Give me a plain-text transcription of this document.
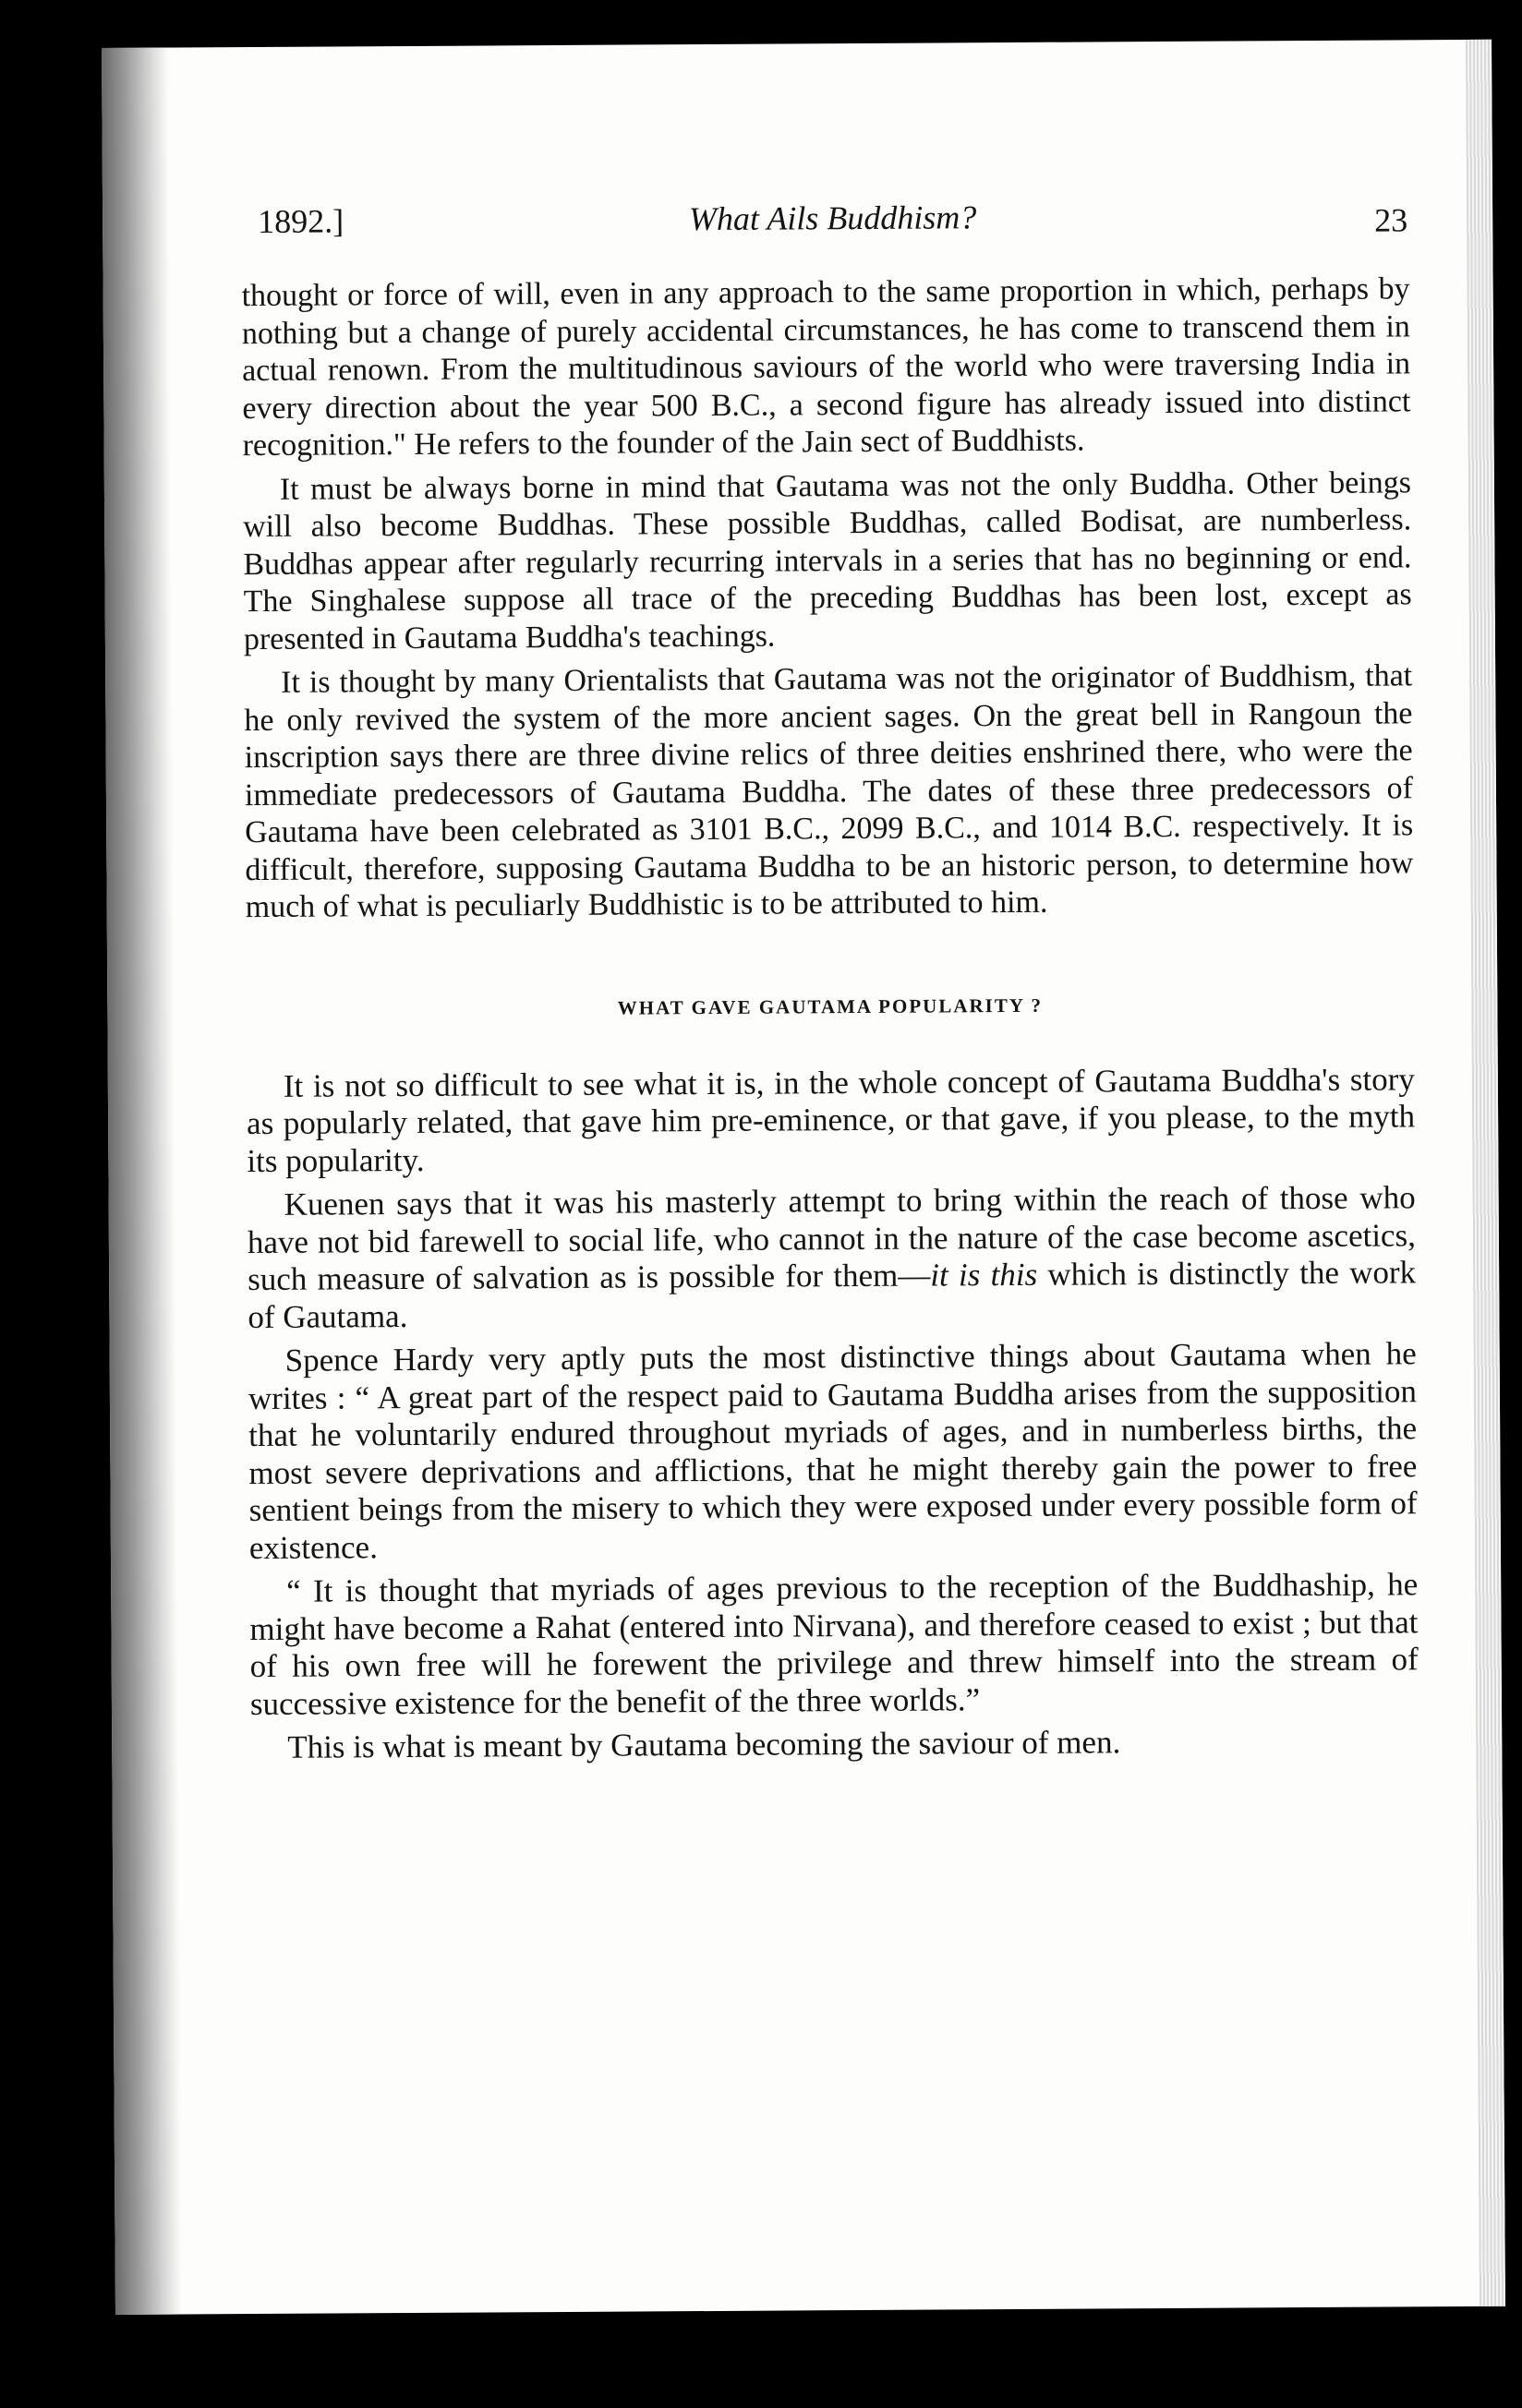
1892.]	What Ails Buddhism?	23

thought or force of will, even in any approach to the same proportion in which, perhaps by nothing but a change of purely accidental circumstances, he has come to transcend them in actual renown. From the multitudinous saviours of the world who were traversing India in every direction about the year 500 B.C., a second figure has already issued into distinct recognition." He refers to the founder of the Jain sect of Buddhists.

It must be always borne in mind that Gautama was not the only Buddha. Other beings will also become Buddhas. These possible Buddhas, called Bodisat, are numberless. Buddhas appear after regularly recurring intervals in a series that has no beginning or end. The Singhalese suppose all trace of the preceding Buddhas has been lost, except as presented in Gautama Buddha's teachings.

It is thought by many Orientalists that Gautama was not the originator of Buddhism, that he only revived the system of the more ancient sages. On the great bell in Rangoun the inscription says there are three divine relics of three deities enshrined there, who were the immediate predecessors of Gautama Buddha. The dates of these three predecessors of Gautama have been celebrated as 3101 B.C., 2099 B.C., and 1014 B.C. respectively. It is difficult, therefore, supposing Gautama Buddha to be an historic person, to determine how much of what is peculiarly Buddhistic is to be attributed to him.

WHAT GAVE GAUTAMA POPULARITY ?

It is not so difficult to see what it is, in the whole concept of Gautama Buddha's story as popularly related, that gave him pre-eminence, or that gave, if you please, to the myth its popularity.

Kuenen says that it was his masterly attempt to bring within the reach of those who have not bid farewell to social life, who cannot in the nature of the case become ascetics, such measure of salvation as is possible for them—it is this which is distinctly the work of Gautama.

Spence Hardy very aptly puts the most distinctive things about Gautama when he writes : “ A great part of the respect paid to Gautama Buddha arises from the supposition that he voluntarily endured throughout myriads of ages, and in numberless births, the most severe deprivations and afflictions, that he might thereby gain the power to free sentient beings from the misery to which they were exposed under every possible form of existence.

“ It is thought that myriads of ages previous to the reception of the Buddhaship, he might have become a Rahat (entered into Nirvana), and therefore ceased to exist ; but that of his own free will he forewent the privilege and threw himself into the stream of successive existence for the benefit of the three worlds.”

This is what is meant by Gautama becoming the saviour of men.
